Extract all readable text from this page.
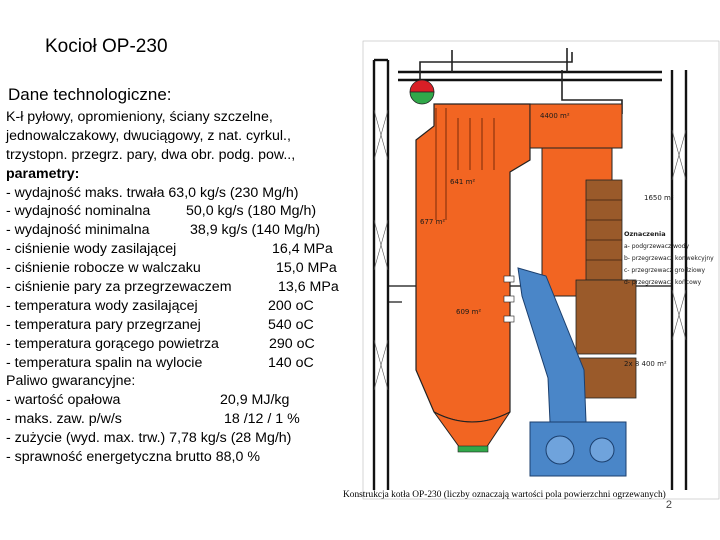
Kocioł OP-230
Dane technologiczne:
K-ł pyłowy, opromieniony, ściany szczelne,
jednowalczakowy, dwuciągowy, z nat. cyrkul.,
trzystopn. przegrz. pary, dwa obr. podg. pow..,
parametry:
- wydajność maks. trwała 63,0 kg/s (230 Mg/h)
- wydajność nominalna	50,0 kg/s (180 Mg/h)
- wydajność minimalna	38,9 kg/s (140 Mg/h)
- ciśnienie wody zasilającej	16,4 MPa
- ciśnienie robocze w walczaku	15,0 MPa
- ciśnienie pary za przegrzewaczem	13,6 MPa
- temperatura wody zasilającej	200 oC
- temperatura pary przegrzanej	540 oC
- temperatura gorącego powietrza	290 oC
- temperatura spalin na wylocie	140 oC
Paliwo gwarancyjne:
- wartość opałowa	20,9 MJ/kg
- maks. zaw. p/w/s	18 /12 / 1 %
- zużycie (wyd. max. trw.) 7,78 kg/s (28 Mg/h)
- sprawność energetyczna brutto 88,0 %
4400 m²
641 m²
677 m²
609 m²
1650 m²
2x 8 400 m²
Oznaczenia
a- podgrzewacz wody
b- przegrzewacz konwekcyjny
c- przegrzewacz grodziowy
d- przegrzewacz końcowy
Konstrukcja kotła OP-230 (liczby oznaczają wartości pola powierzchni ogrzewanych)
2
